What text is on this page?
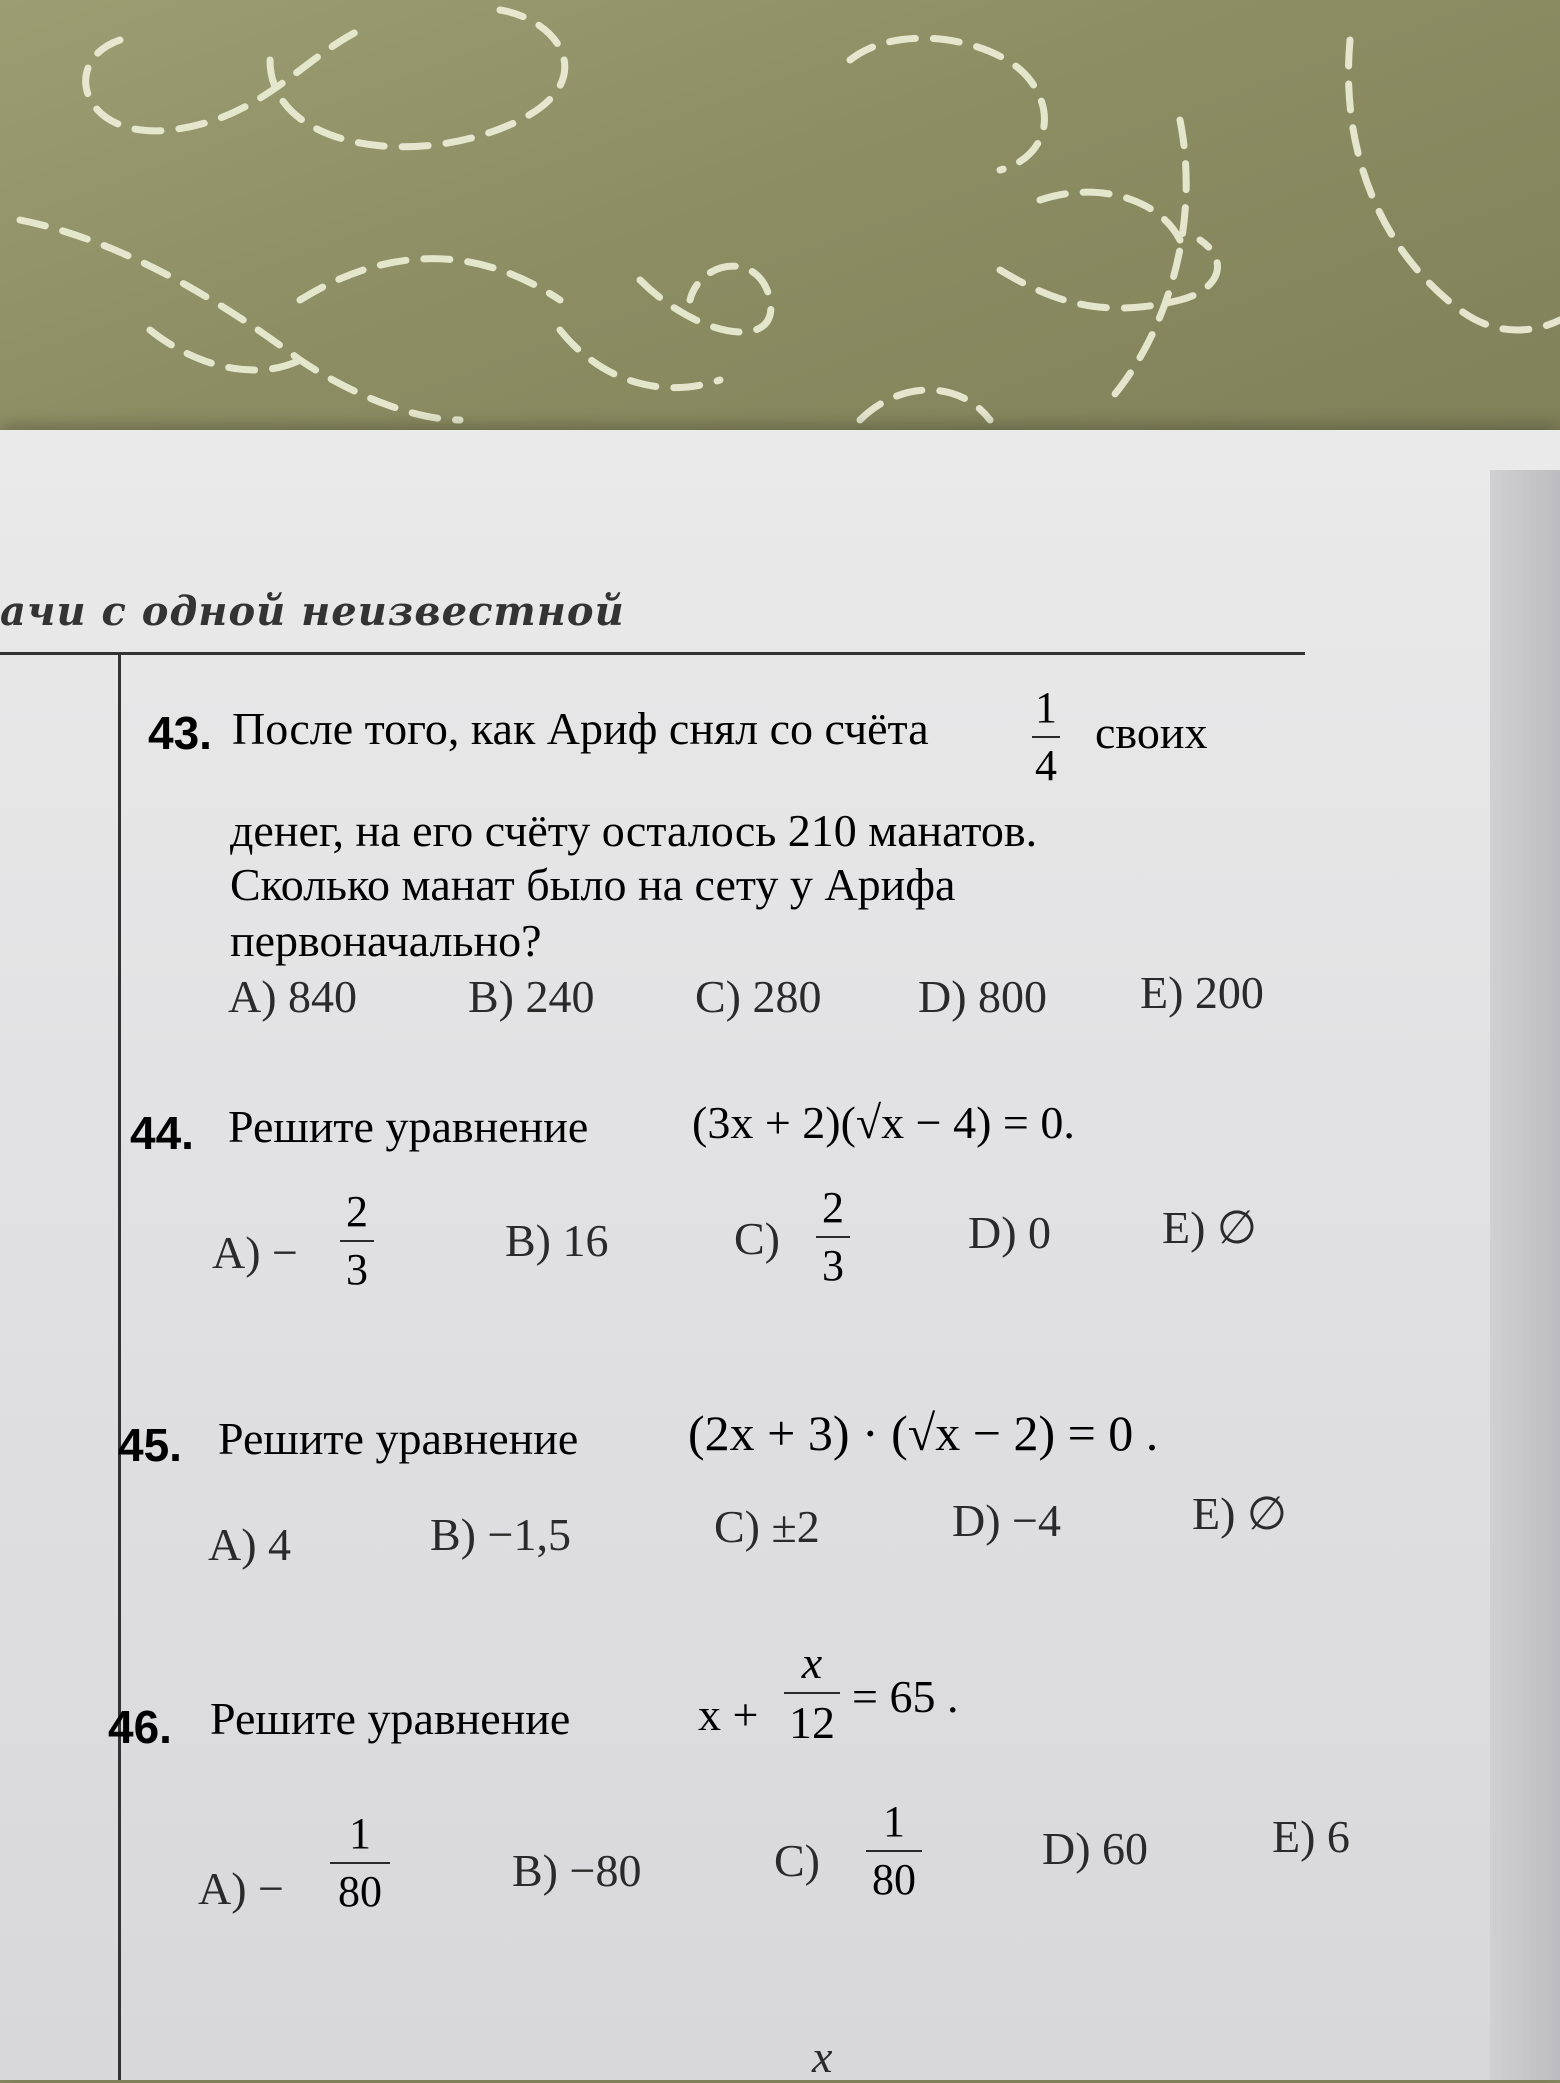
ачи с одной неизвестной
43. После того, как Ариф снял со счёта 1
4
своих
денег, на его счёту осталось 210 манатов.
Сколько манат было на сету у Арифа
первоначально?
A) 840 B) 240 C) 280 D) 800 E) 200
44. Решите уравнение (3x + 2)(√x − 4) = 0.
A) −
2
3
B) 16	C)
2
3
D) 0 E) ∅
45. Решите уравнение (2x + 3) · (√x − 2) = 0 .
A) 4	B) −1,5	C) ±2	D) −4	E) ∅
46. Решите уравнение	x +
x
12
= 65 .
A) −
1
80	B) −80	C)
1
80
D) 60	E) 6
x
